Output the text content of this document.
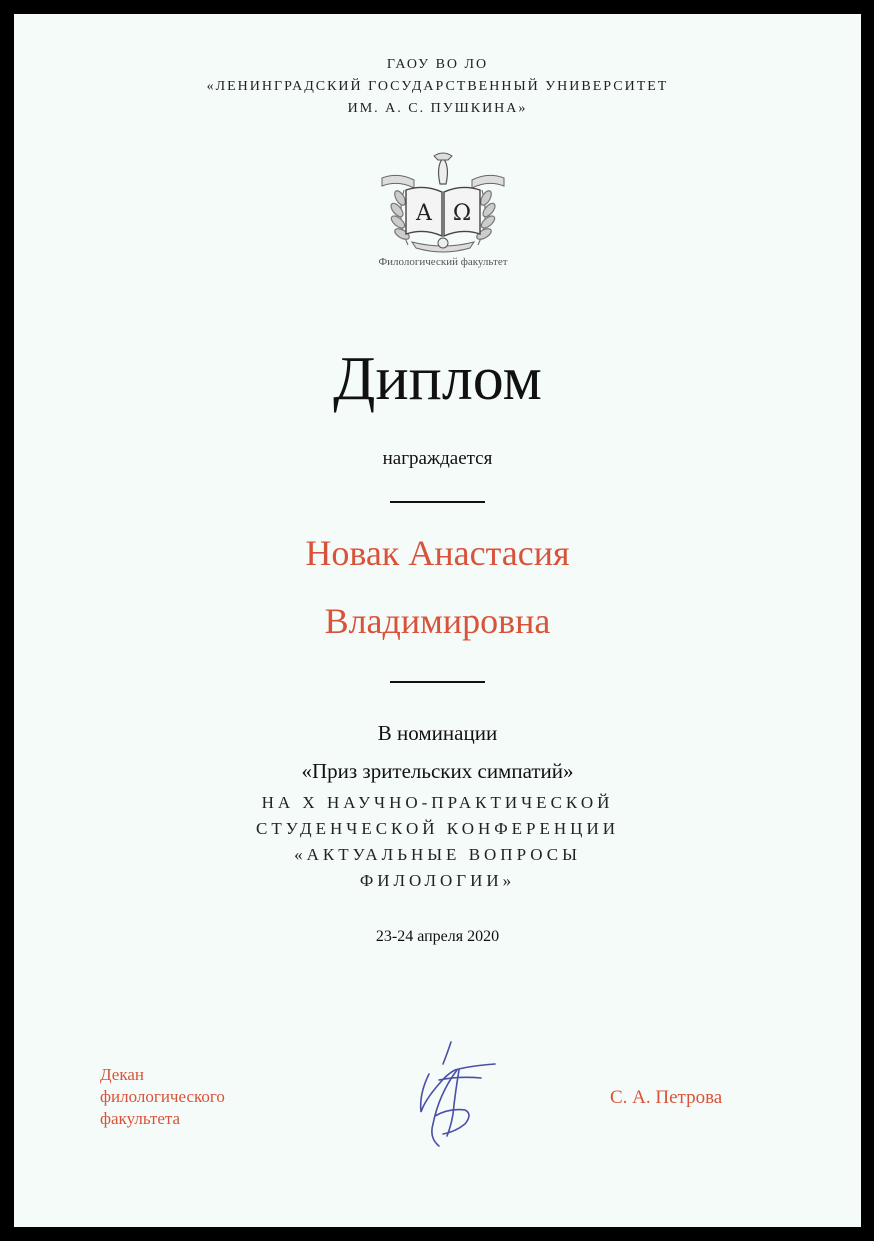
ГАОУ ВО ЛО
«ЛЕНИНГРАДСКИЙ ГОСУДАРСТВЕННЫЙ УНИВЕРСИТЕТ
ИМ. А. С. ПУШКИНА»
Α Ω
Филологический факультет
Диплом
награждается
Новак Анастасия
Владимировна
В номинации
«Приз зрительских симпатий»
НА X НАУЧНО-ПРАКТИЧЕСКОЙ
СТУДЕНЧЕСКОЙ КОНФЕРЕНЦИИ
«АКТУАЛЬНЫЕ ВОПРОСЫ
ФИЛОЛОГИИ»
23-24 апреля 2020
Декан
филологического
факультета
С. А. Петрова
